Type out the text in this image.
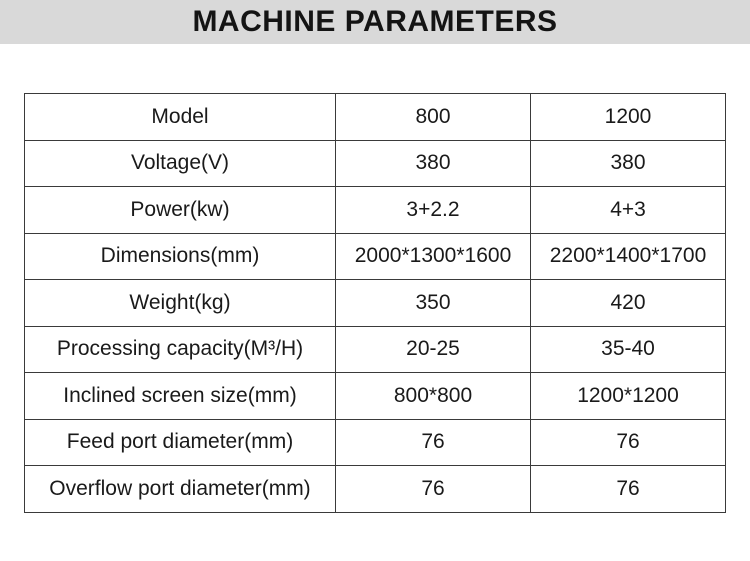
MACHINE PARAMETERS
Model	800	1200
Voltage(V)	380	380
Power(kw)	3+2.2	4+3
Dimensions(mm)	2000*1300*1600	2200*1400*1700
Weight(kg)	350	420
Processing capacity(M³/H)	20-25	35-40
Inclined screen size(mm)	800*800	1200*1200
Feed port diameter(mm)	76	76
Overflow port diameter(mm)	76	76
